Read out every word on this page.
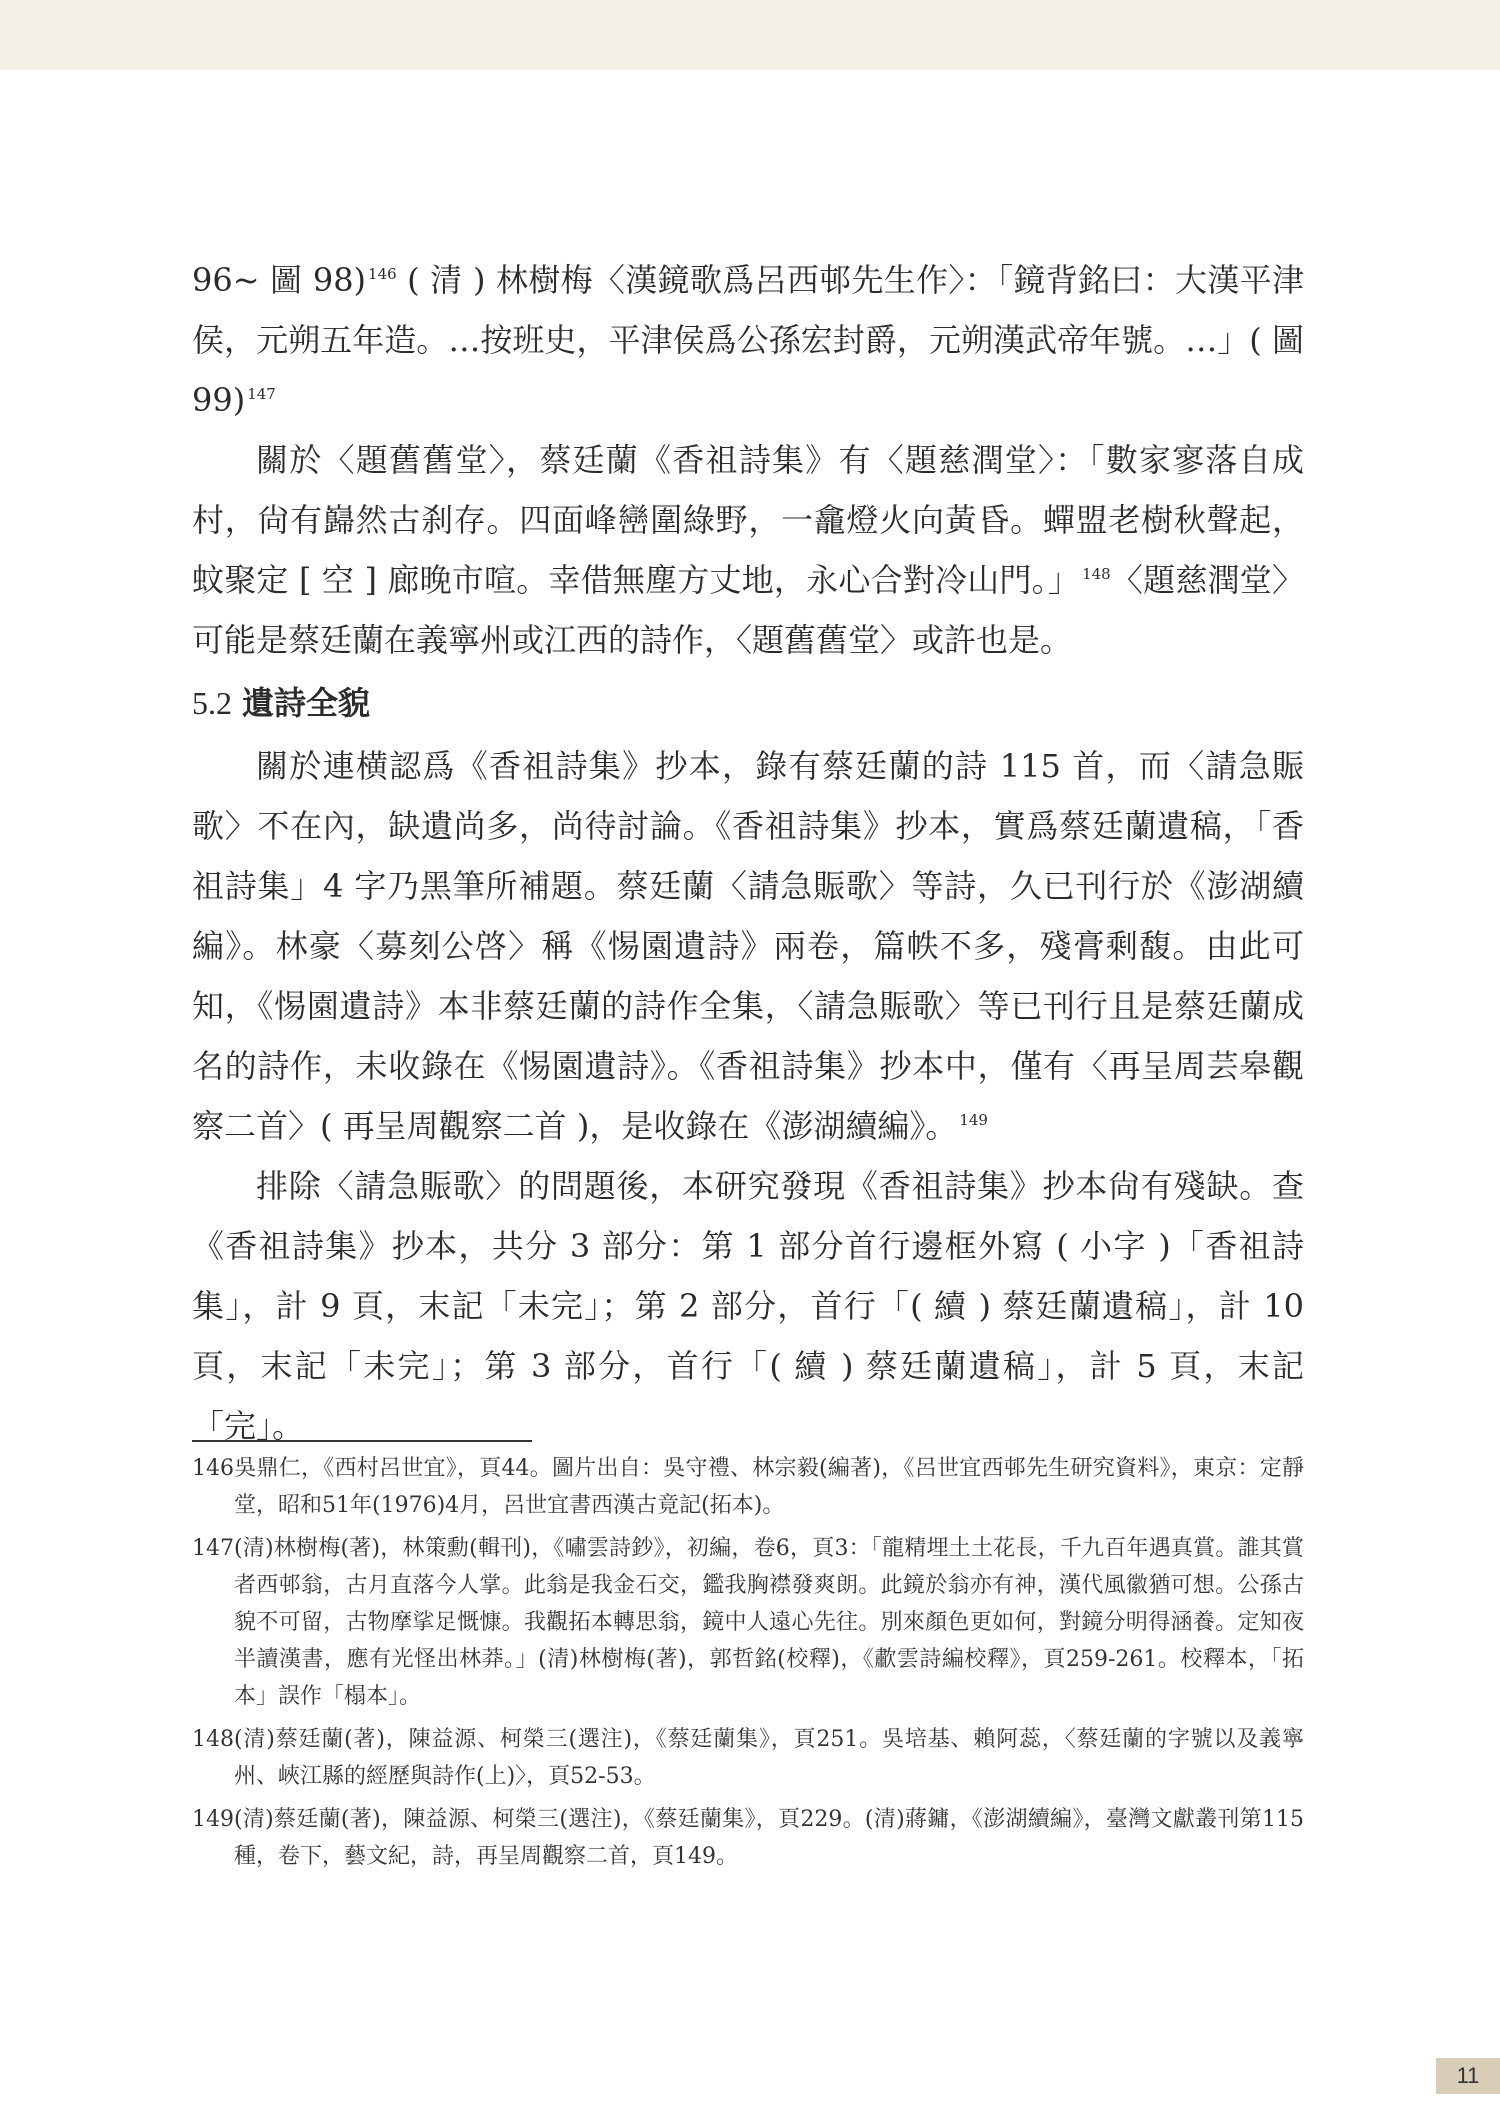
96~ 圖 98) $^{146}$ ( 清 ) 林樹梅〈漢鏡歌爲呂西邨先生作〉：「鏡背銘曰：大漢平津侯，元朔五年造。…按班史，平津侯爲公孫宏封爵，元朔漢武帝年號。…」( 圖 99) $^{147}$

關於〈題舊舊堂〉，蔡廷蘭《香祖詩集》有〈題慈潤堂〉：「數家寥落自成村，尙有巋然古刹存。四面峰巒圍綠野，一龕燈火向黃昏。蟬盟老樹秋聲起，蚊聚定 [ 空 ] 廊晚市喧。幸借無塵方丈地，永心合對冷山門。」 $^{148}$〈題慈潤堂〉可能是蔡廷蘭在義寧州或江西的詩作，〈題舊舊堂〉或許也是。

5.2 遺詩全貌

關於連横認爲《香祖詩集》抄本，錄有蔡廷蘭的詩 115 首，而〈請急賑歌〉不在內，缺遺尚多，尚待討論。《香祖詩集》抄本，實爲蔡廷蘭遺稿，「香祖詩集」4 字乃黑筆所補題。蔡廷蘭〈請急賑歌〉等詩，久已刊行於《澎湖續編》。林豪〈募刻公啓〉稱《惕園遺詩》兩卷，篇帙不多，殘膏剩馥。由此可知，《惕園遺詩》本非蔡廷蘭的詩作全集，〈請急賑歌〉等已刊行且是蔡廷蘭成名的詩作，未收錄在《惕園遺詩》。《香祖詩集》抄本中，僅有〈再呈周芸皋觀察二首〉( 再呈周觀察二首 )，是收錄在《澎湖續編》。 $^{149}$

排除〈請急賑歌〉的問題後，本研究發現《香祖詩集》抄本尙有殘缺。查《香祖詩集》抄本，共分 3 部分：第 1 部分首行邊框外寫 ( 小字 )「香祖詩集」，計 9 頁，末記「未完」；第 2 部分，首行「( 續 ) 蔡廷蘭遺稿」，計 10 頁，末記「未完」；第 3 部分，首行「( 續 ) 蔡廷蘭遺稿」，計 5 頁，末記「完」。

146吳鼎仁，《西村呂世宜》，頁44。圖片出自：吳守禮、林宗毅(編著)，《呂世宜西邨先生研究資料》，東京：定靜堂，昭和51年(1976)4月，呂世宜書西漢古竟記(拓本)。

147(清)林樹梅(著)，林策勳(輯刊)，《嘯雲詩鈔》，初編，卷6，頁3：「龍精埋土土花長，千九百年遇真賞。誰其賞者西邨翁，古月直落今人掌。此翁是我金石交，鑑我胸襟發爽朗。此鏡於翁亦有神，漢代風徽猶可想。公孫古貌不可留，古物摩挲足慨慷。我觀拓本轉思翁，鏡中人遠心先往。別來顏色更如何，對鏡分明得涵養。定知夜半讀漢書，應有光怪出林莽。」(清)林樹梅(著)，郭哲銘(校釋)，《歗雲詩編校釋》，頁259-261。校釋本，「拓本」誤作「榻本」。

148(清)蔡廷蘭(著)，陳益源、柯榮三(選注)，《蔡廷蘭集》，頁251。吳培基、賴阿蕊，〈蔡廷蘭的字號以及義寧州、峽江縣的經歷與詩作(上)〉，頁52-53。

149(清)蔡廷蘭(著)，陳益源、柯榮三(選注)，《蔡廷蘭集》，頁229。(清)蔣鏞，《澎湖續編》，臺灣文獻叢刊第115種，卷下，藝文紀，詩，再呈周觀察二首，頁149。

11
